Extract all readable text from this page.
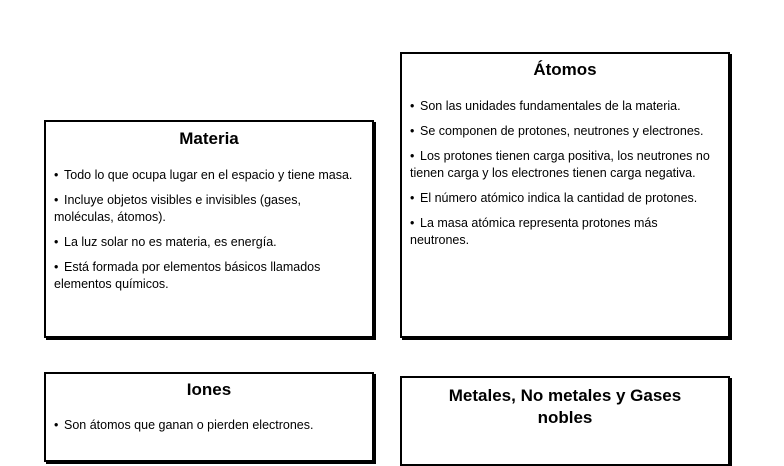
Materia
• Todo lo que ocupa lugar en el espacio y tiene masa.
• Incluye objetos visibles e invisibles (gases, moléculas, átomos).
• La luz solar no es materia, es energía.
• Está formada por elementos básicos llamados elementos químicos.
Átomos
• Son las unidades fundamentales de la materia.
• Se componen de protones, neutrones y electrones.
• Los protones tienen carga positiva, los neutrones no tienen carga y los electrones tienen carga negativa.
• El número atómico indica la cantidad de protones.
• La masa atómica representa protones más neutrones.
Iones
• Son átomos que ganan o pierden electrones.
Metales, No metales y Gases
nobles
